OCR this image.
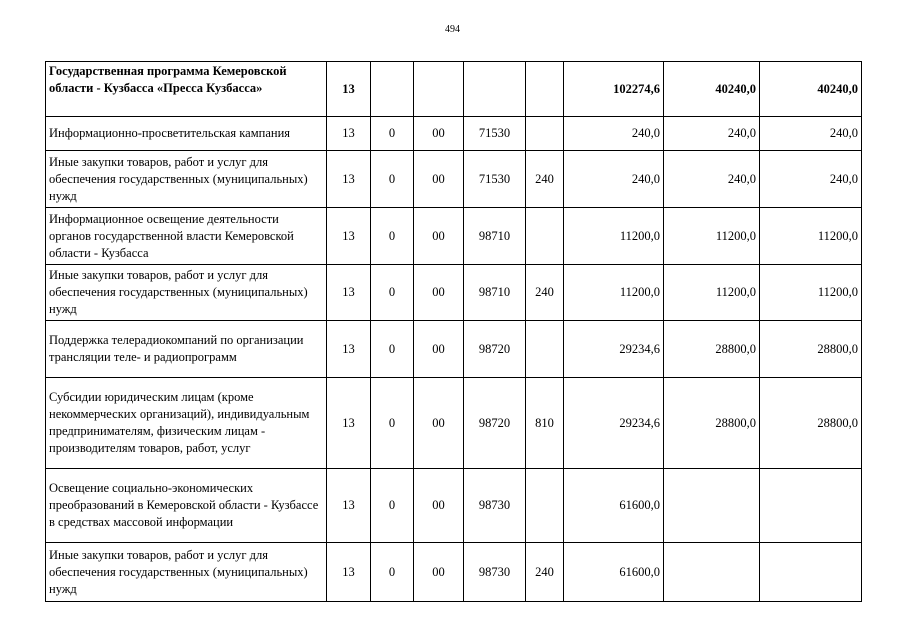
494
Государственная программа Кемеровской области - Кузбасса «Пресса Кузбасса»	13					102274,6	40240,0	40240,0
Информационно-просветительская кампания	13	0	00	71530		240,0	240,0	240,0
Иные закупки товаров, работ и услуг для обеспечения государственных (муниципальных) нужд	13	0	00	71530	240	240,0	240,0	240,0
Информационное освещение деятельности органов государственной власти Кемеровской области - Кузбасса	13	0	00	98710		11200,0	11200,0	11200,0
Иные закупки товаров, работ и услуг для обеспечения государственных (муниципальных) нужд	13	0	00	98710	240	11200,0	11200,0	11200,0
Поддержка телерадиокомпаний по организации трансляции теле- и радиопрограмм	13	0	00	98720		29234,6	28800,0	28800,0
Субсидии юридическим лицам (кроме некоммерческих организаций), индивидуальным предпринимателям, физическим лицам - производителям товаров, работ, услуг	13	0	00	98720	810	29234,6	28800,0	28800,0
Освещение социально-экономических преобразований в Кемеровской области - Кузбассе в средствах массовой информации	13	0	00	98730		61600,0		
Иные закупки товаров, работ и услуг для обеспечения государственных (муниципальных) нужд	13	0	00	98730	240	61600,0		
